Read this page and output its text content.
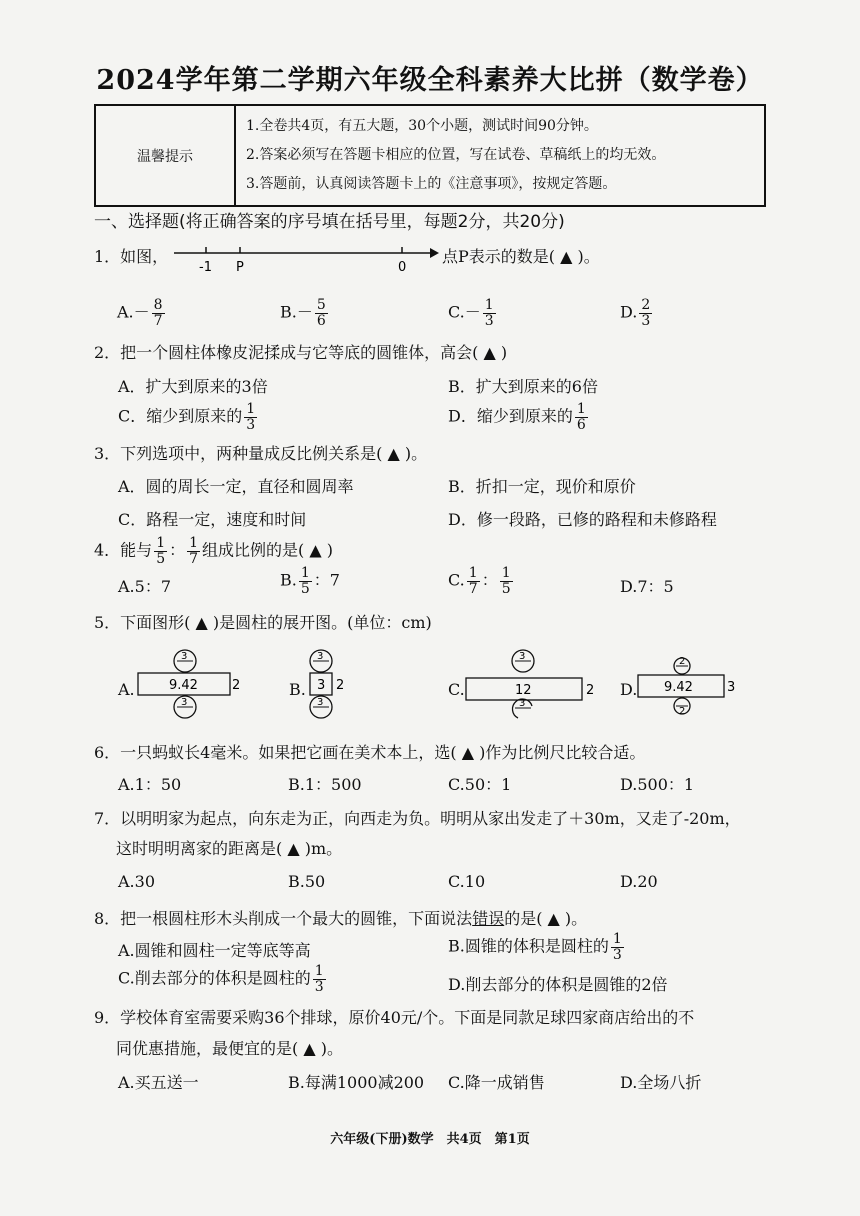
2024学年第二学期六年级全科素养大比拼（数学卷）
温馨提示	
1.全卷共4页，有五大题，30个小题，测试时间90分钟。
2.答案必须写在答题卡相应的位置，写在试卷、草稿纸上的均无效。
3.答题前，认真阅读答题卡上的《注意事项》，按规定答题。
一、选择题(将正确答案的序号填在括号里，每题2分，共20分)
1．如图，
-1 P	0
点P表示的数是( ▲ )。
$A.- \frac{8}{7}$	$B.- \frac{5}{6}$	$C.- \frac{1}{3}$	D. $\frac{2}{3}$
2．把一个圆柱体橡皮泥揉成与它等底的圆锥体，高会( ▲ )
A．扩大到原来的3倍	B．扩大到原来的6倍
C．缩少到原来的 $\frac{1}{3}$	D．缩少到原来的 $\frac{1}{6}$
3．下列选项中，两种量成反比例关系是( ▲ )。
A．圆的周长一定，直径和圆周率	B．折扣一定，现价和原价
C．路程一定，速度和时间	D．修一段路，已修的路程和未修路程
4．能与 $\frac{1}{5}$ ： $\frac{1}{7}$ 组成比例的是( ▲ )
A.5：7	B. $\frac{1}{5}$ ：7	C. $\frac{1}{7}$ ： $\frac{1}{5}$	D.7：5
5．下面图形( ▲ )是圆柱的展开图。(单位：cm)
A.
3
9.42	2
3
B.
3
3 2
3
C.
3
12	2
3
D.
2
9.42	3
2
6．一只蚂蚁长4毫米。如果把它画在美术本上，选( ▲ )作为比例尺比较合适。
A.1：50	B.1：500	C.50：1	D.500：1
7．以明明家为起点，向东走为正，向西走为负。明明从家出发走了＋30m，又走了-20m，
这时明明离家的距离是( ▲ )m。
A.30	B.50	C.10	D.20
8．把一根圆柱形木头削成一个最大的圆锥，下面说法错误的是( ▲ )。
A.圆锥和圆柱一定等底等高	B.圆锥的体积是圆柱的 $\frac{1}{3}$
C.削去部分的体积是圆柱的 $\frac{1}{3}$	D.削去部分的体积是圆锥的2倍
9．学校体育室需要采购36个排球，原价40元/个。下面是同款足球四家商店给出的不
同优惠措施，最便宜的是( ▲ )。
A.买五送一	B.每满1000减200 C.降一成销售	D.全场八折
六年级(下册)数学　共4页　第1页
